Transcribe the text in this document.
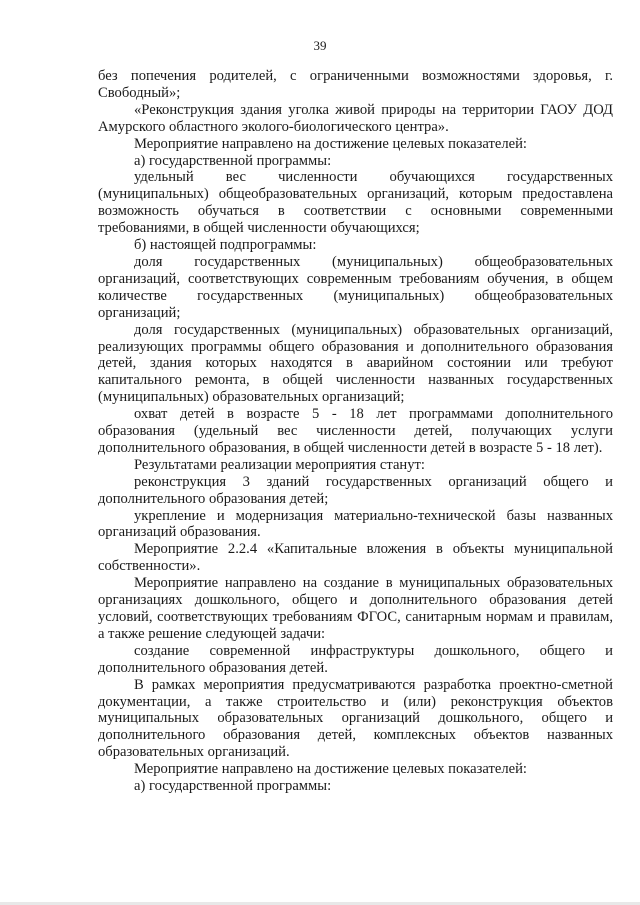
39

без попечения родителей, с ограниченными возможностями здоровья, г. Свободный»;

«Реконструкция здания уголка живой природы на территории ГАОУ ДОД Амурского областного эколого-биологического центра».

Мероприятие направлено на достижение целевых показателей:

а) государственной программы:

удельный вес численности обучающихся государственных (муниципальных) общеобразовательных организаций, которым предоставлена возможность обучаться в соответствии с основными современными требованиями, в общей численности обучающихся;

б) настоящей подпрограммы:

доля государственных (муниципальных) общеобразовательных организаций, соответствующих современным требованиям обучения, в общем количестве государственных (муниципальных) общеобразовательных организаций;

доля государственных (муниципальных) образовательных организаций, реализующих программы общего образования и дополнительного образования детей, здания которых находятся в аварийном состоянии или требуют капитального ремонта, в общей численности названных государственных (муниципальных) образовательных организаций;

охват детей в возрасте 5 - 18 лет программами дополнительного образования (удельный вес численности детей, получающих услуги дополнительного образования, в общей численности детей в возрасте 5 - 18 лет).

Результатами реализации мероприятия станут:

реконструкция 3 зданий государственных организаций общего и дополнительного образования детей;

укрепление и модернизация материально-технической базы названных организаций образования.

Мероприятие 2.2.4 «Капитальные вложения в объекты муниципальной собственности».

Мероприятие направлено на создание в муниципальных образовательных организациях дошкольного, общего и дополнительного образования детей условий, соответствующих требованиям ФГОС, санитарным нормам и правилам, а также решение следующей задачи:

создание современной инфраструктуры дошкольного, общего и дополнительного образования детей.

В рамках мероприятия предусматриваются разработка проектно-сметной документации, а также строительство и (или) реконструкция объектов муниципальных образовательных организаций дошкольного, общего и дополнительного образования детей, комплексных объектов названных образовательных организаций.

Мероприятие направлено на достижение целевых показателей:

а) государственной программы:
